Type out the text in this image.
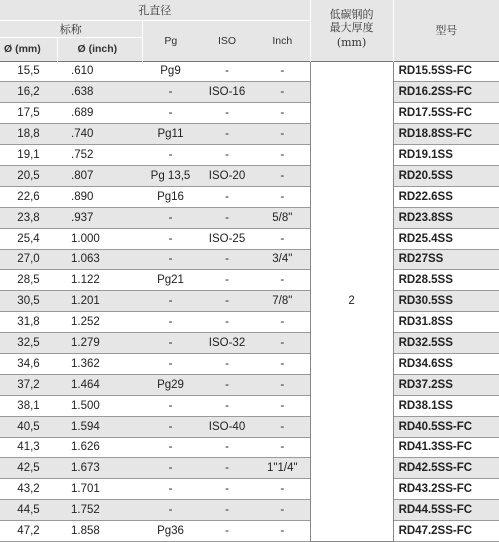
孔直径					低碳钢的
最大厚度
(mm)	型号
标称		Pg	ISO	Inch		
Ø (mm)	Ø (inch)					
15,5	.610	Pg9	-	-	2	RD15.5SS-FC
16,2	.638	-	ISO-16	-		RD16.2SS-FC
17,5	.689	-	-	-		RD17.5SS-FC
18,8	.740	Pg11	-	-		RD18.8SS-FC
19,1	.752	-	-	-		RD19.1SS
20,5	.807	Pg 13,5	ISO-20	-		RD20.5SS
22,6	.890	Pg16	-	-		RD22.6SS
23,8	.937	-	-	5/8"		RD23.8SS
25,4	1.000	-	ISO-25	-		RD25.4SS
27,0	1.063	-	-	3/4"		RD27SS
28,5	1.122	Pg21	-	-		RD28.5SS
30,5	1.201	-	-	7/8"		RD30.5SS
31,8	1.252	-	-	-		RD31.8SS
32,5	1.279	-	ISO-32	-		RD32.5SS
34,6	1.362	-	-	-		RD34.6SS
37,2	1.464	Pg29	-	-		RD37.2SS
38,1	1.500	-	-	-		RD38.1SS
40,5	1.594	-	ISO-40	-		RD40.5SS-FC
41,3	1.626	-	-	-		RD41.3SS-FC
42,5	1.673	-	-	1"1/4"		RD42.5SS-FC
43,2	1.701	-	-	-		RD43.2SS-FC
44,5	1.752	-	-	-		RD44.5SS-FC
47,2	1.858	Pg36	-	-		RD47.2SS-FC
